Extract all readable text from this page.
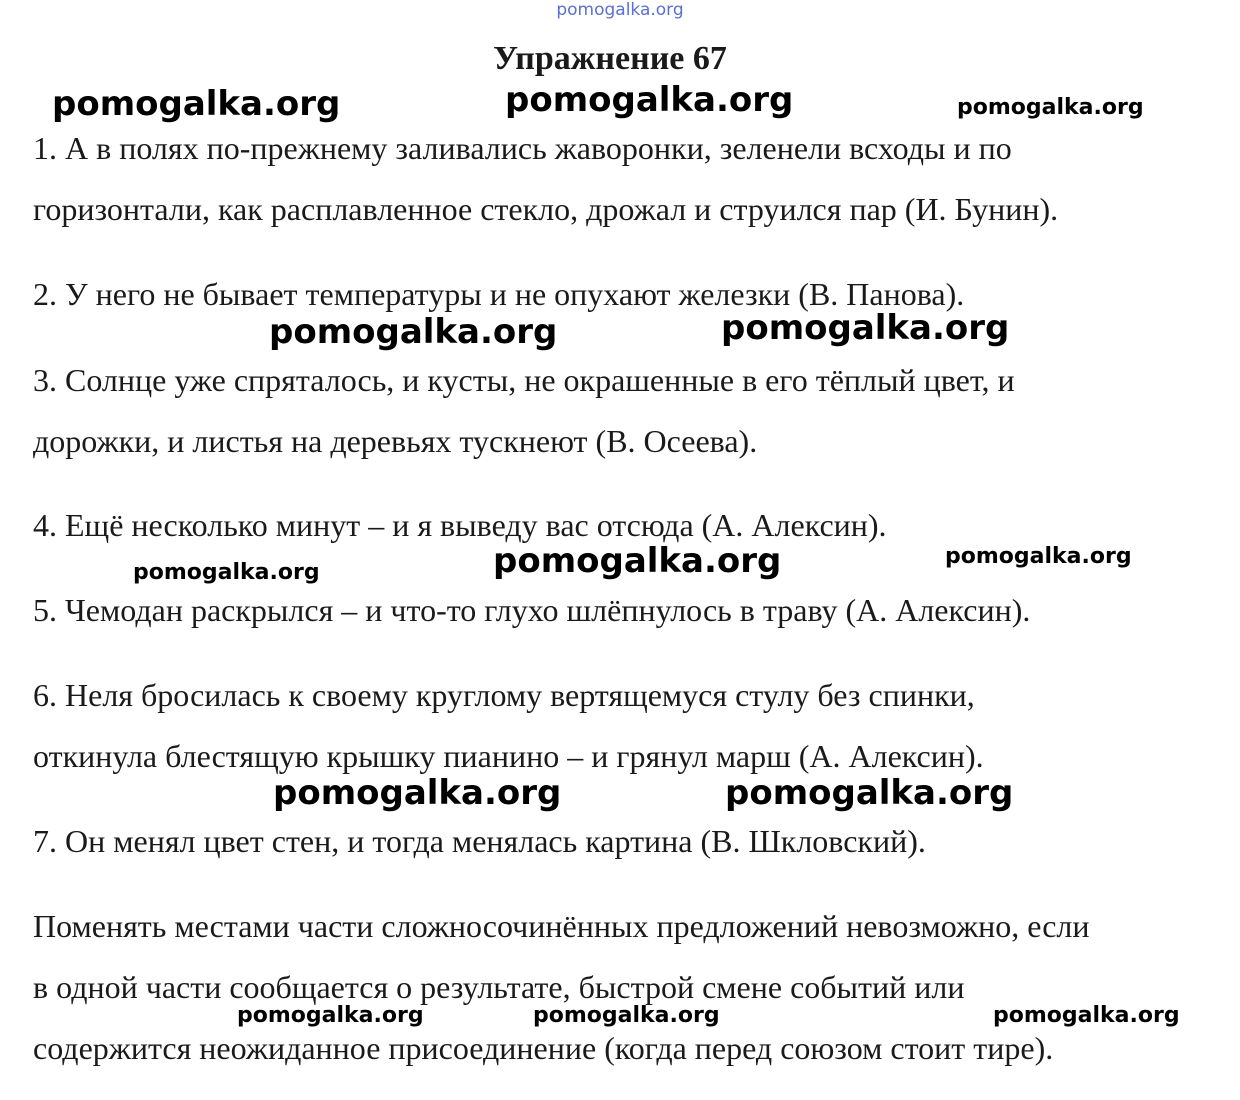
pomogalka.org
Упражнение 67
pomogalka.org	pomogalka.org	pomogalka.org
pomogalka.org	pomogalka.org
pomogalka.org	pomogalka.org	pomogalka.org
pomogalka.org	pomogalka.org
pomogalka.org	pomogalka.org	pomogalka.org
1. А в полях по-прежнему заливались жаворонки, зеленели всходы и по
горизонтали, как расплавленное стекло, дрожал и струился пар (И. Бунин).
2. У него не бывает температуры и не опухают железки (В. Панова).
3. Солнце уже спряталось, и кусты, не окрашенные в его тёплый цвет, и
дорожки, и листья на деревьях тускнеют (В. Осеева).
4. Ещё несколько минут – и я выведу вас отсюда (А. Алексин).
5. Чемодан раскрылся – и что-то глухо шлёпнулось в траву (А. Алексин).
6. Неля бросилась к своему круглому вертящемуся стулу без спинки,
откинула блестящую крышку пианино – и грянул марш (А. Алексин).
7. Он менял цвет стен, и тогда менялась картина (В. Шкловский).
Поменять местами части сложносочинённых предложений невозможно, если
в одной части сообщается о результате, быстрой смене событий или
содержится неожиданное присоединение (когда перед союзом стоит тире).
